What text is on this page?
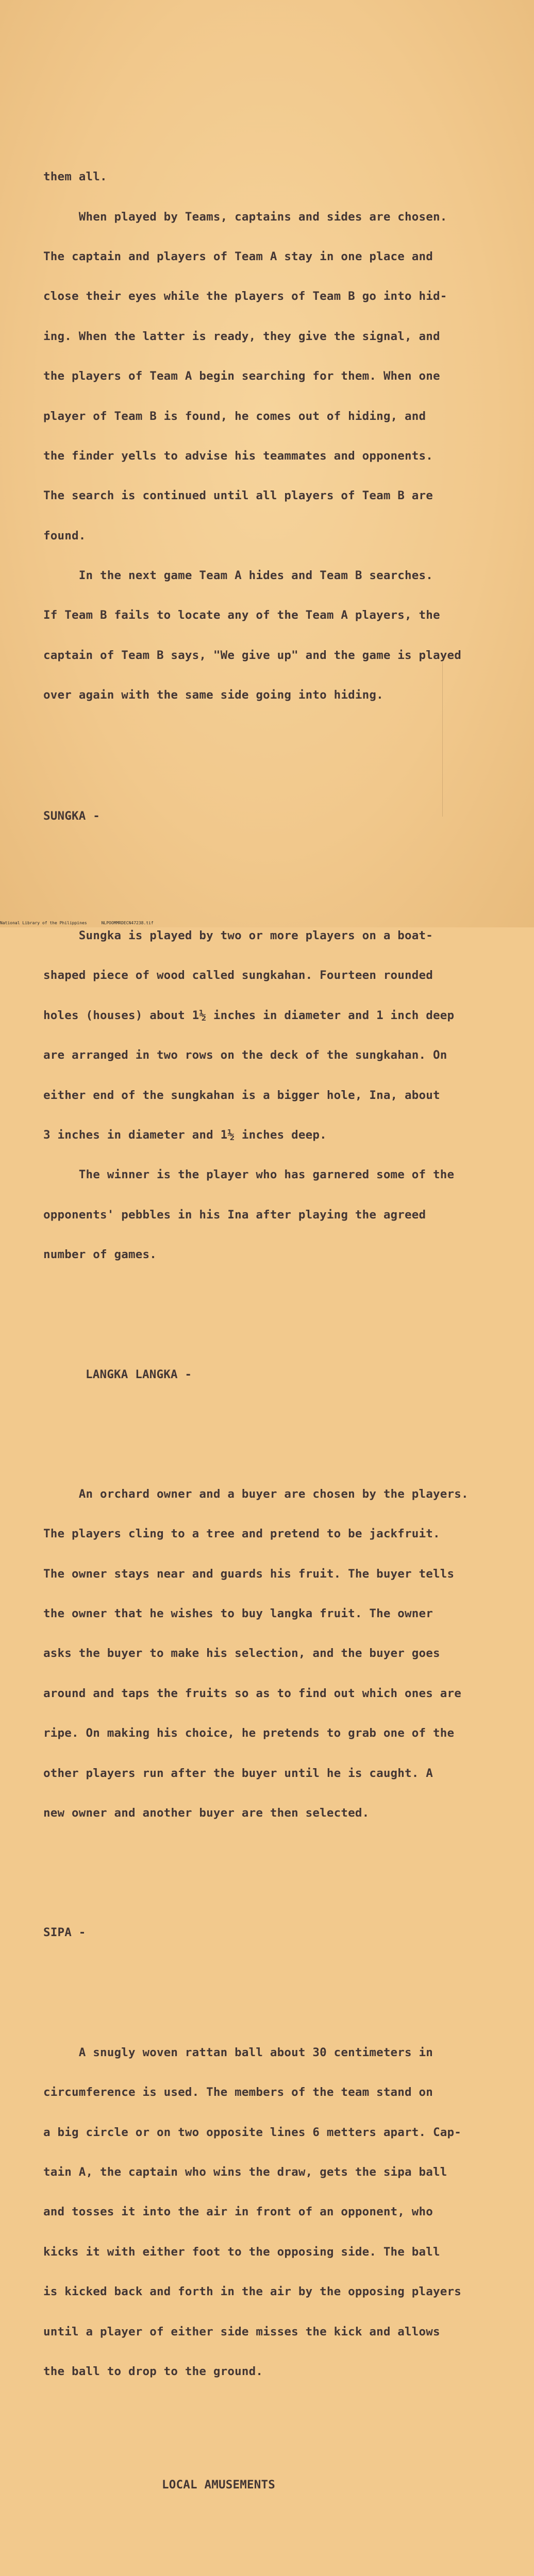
them all.

When played by Teams, captains and sides are chosen.

The captain and players of Team A stay in one place and

close their eyes while the players of Team B go into hid-

ing. When the latter is ready, they give the signal, and

the players of Team A begin searching for them. When one

player of Team B is found, he comes out of hiding, and

the finder yells to advise his teammates and opponents.

The search is continued until all players of Team B are

found.

In the next game Team A hides and Team B searches.

If Team B fails to locate any of the Team A players, the

captain of Team B says, "We give up" and the game is played

over again with the same side going into hiding.

SUNGKA -

Sungka is played by two or more players on a boat-

shaped piece of wood called sungkahan. Fourteen rounded

holes (houses) about 1½ inches in diameter and 1 inch deep

are arranged in two rows on the deck of the sungkahan. On

either end of the sungkahan is a bigger hole, Ina, about

3 inches in diameter and 1½ inches deep.

The winner is the player who has garnered some of the

opponents' pebbles in his Ina after playing the agreed

number of games.

LANGKA LANGKA -

An orchard owner and a buyer are chosen by the players.

The players cling to a tree and pretend to be jackfruit.

The owner stays near and guards his fruit. The buyer tells

the owner that he wishes to buy langka fruit. The owner

asks the buyer to make his selection, and the buyer goes

around and taps the fruits so as to find out which ones are

ripe. On making his choice, he pretends to grab one of the

other players run after the buyer until he is caught. A

new owner and another buyer are then selected.

SIPA -

A snugly woven rattan ball about 30 centimeters in

circumference is used. The members of the team stand on

a big circle or on two opposite lines 6 metters apart. Cap-

tain A, the captain who wins the draw, gets the sipa ball

and tosses it into the air in front of an opponent, who

kicks it with either foot to the opposing side. The ball

is kicked back and forth in the air by the opposing players

until a player of either side misses the kick and allows

the ball to drop to the ground.

LOCAL AMUSEMENTS

National Library of the Philippines	NLPOOMMRDECN47238.tif
